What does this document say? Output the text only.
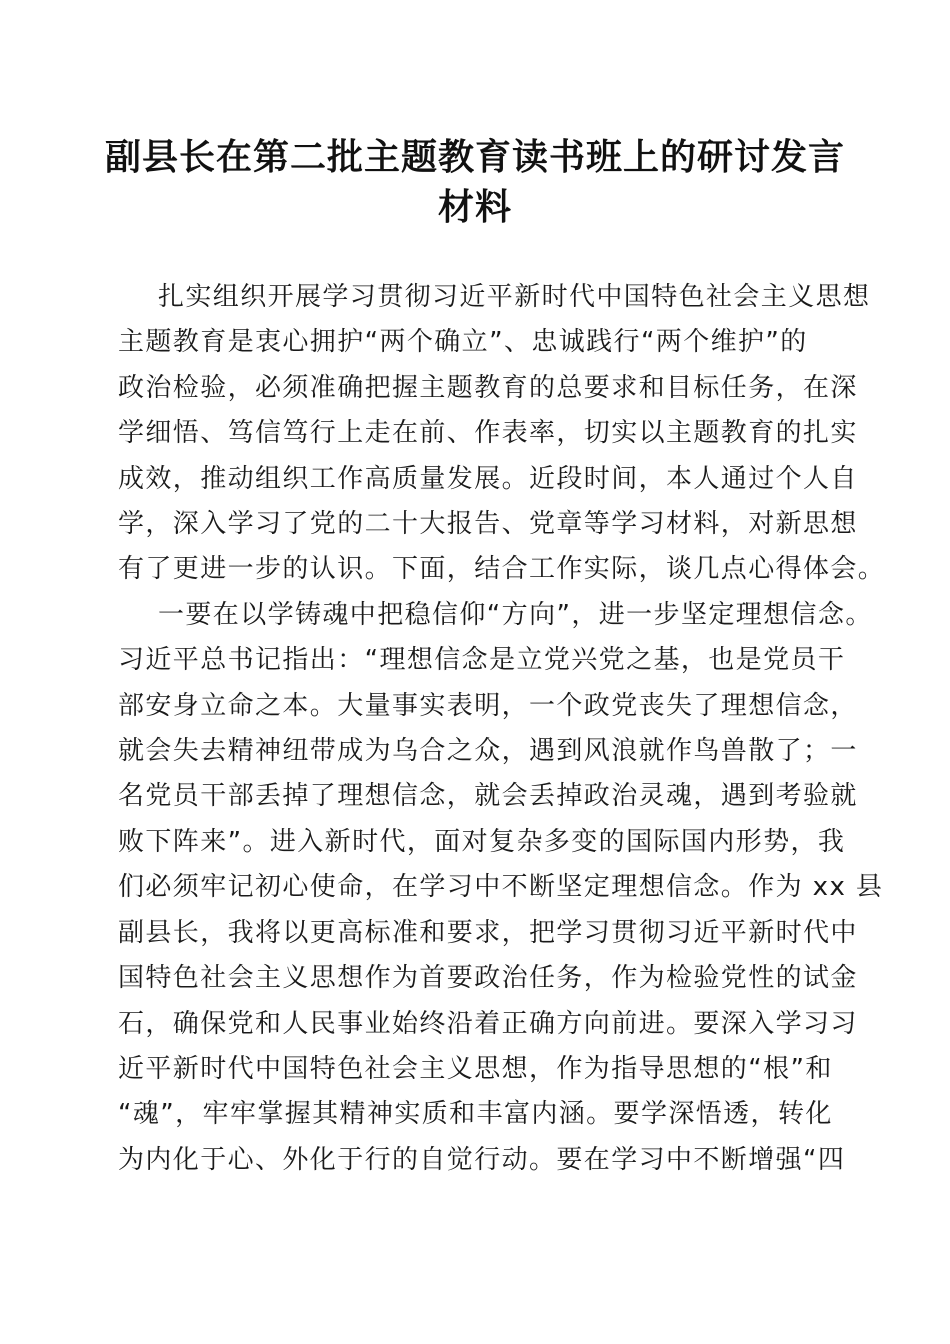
副县长在第二批主题教育读书班上的研讨发言
材料
扎实组织开展学习贯彻习近平新时代中国特色社会主义思想
主题教育是衷心拥护“两个确立”、忠诚践行“两个维护”的
政治检验，必须准确把握主题教育的总要求和目标任务，在深
学细悟、笃信笃行上走在前、作表率，切实以主题教育的扎实
成效，推动组织工作高质量发展。近段时间，本人通过个人自
学，深入学习了党的二十大报告、党章等学习材料，对新思想
有了更进一步的认识。下面，结合工作实际，谈几点心得体会。
一要在以学铸魂中把稳信仰“方向”，进一步坚定理想信念。
习近平总书记指出：“理想信念是立党兴党之基，也是党员干
部安身立命之本。大量事实表明，一个政党丧失了理想信念，
就会失去精神纽带成为乌合之众，遇到风浪就作鸟兽散了；一
名党员干部丢掉了理想信念，就会丢掉政治灵魂，遇到考验就
败下阵来”。进入新时代，面对复杂多变的国际国内形势，我
们必须牢记初心使命，在学习中不断坚定理想信念。作为 xx 县
副县长，我将以更高标准和要求，把学习贯彻习近平新时代中
国特色社会主义思想作为首要政治任务，作为检验党性的试金
石，确保党和人民事业始终沿着正确方向前进。要深入学习习
近平新时代中国特色社会主义思想，作为指导思想的“根”和
“魂”，牢牢掌握其精神实质和丰富内涵。要学深悟透，转化
为内化于心、外化于行的自觉行动。要在学习中不断增强“四
